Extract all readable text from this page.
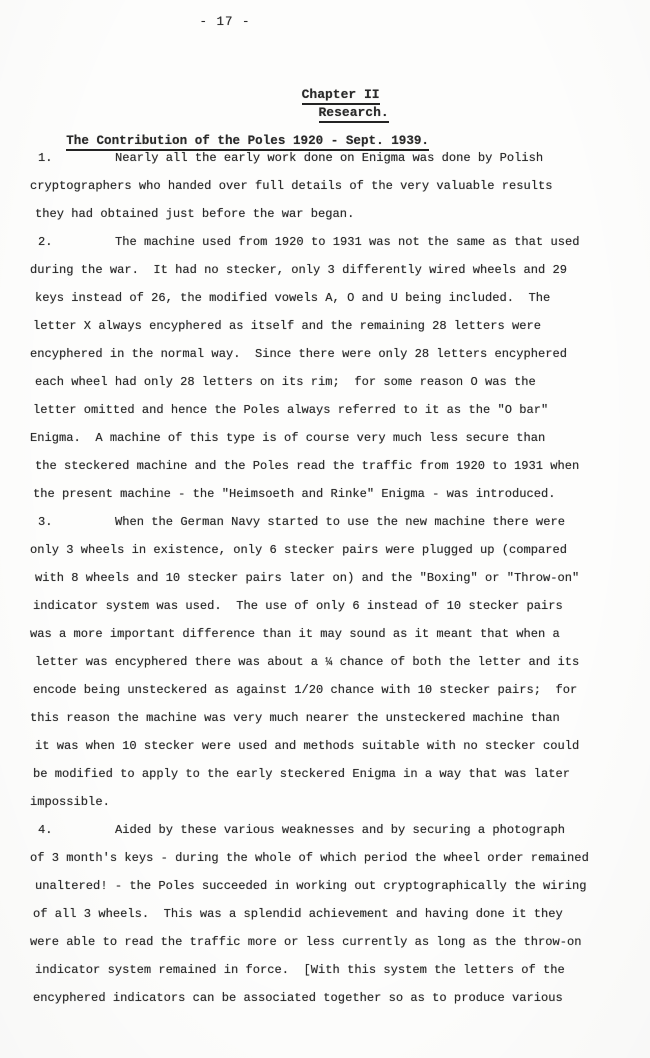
- 17 -

Chapter II
Research.

The Contribution of the Poles 1920 - Sept. 1939.

1.	Nearly all the early work done on Enigma was done by Polish
cryptographers who handed over full details of the very valuable results
they had obtained just before the war began.
2.	The machine used from 1920 to 1931 was not the same as that used
during the war.  It had no stecker, only 3 differently wired wheels and 29
keys instead of 26, the modified vowels A, O and U being included.  The
letter X always encyphered as itself and the remaining 28 letters were
encyphered in the normal way.  Since there were only 28 letters encyphered
each wheel had only 28 letters on its rim;  for some reason O was the
letter omitted and hence the Poles always referred to it as the "O bar"
Enigma.  A machine of this type is of course very much less secure than
the steckered machine and the Poles read the traffic from 1920 to 1931 when
the present machine - the "Heimsoeth and Rinke" Enigma - was introduced.
3.	When the German Navy started to use the new machine there were
only 3 wheels in existence, only 6 stecker pairs were plugged up (compared
with 8 wheels and 10 stecker pairs later on) and the "Boxing" or "Throw-on"
indicator system was used.  The use of only 6 instead of 10 stecker pairs
was a more important difference than it may sound as it meant that when a
letter was encyphered there was about a ¼ chance of both the letter and its
encode being unsteckered as against 1/20 chance with 10 stecker pairs;  for
this reason the machine was very much nearer the unsteckered machine than
it was when 10 stecker were used and methods suitable with no stecker could
be modified to apply to the early steckered Enigma in a way that was later
impossible.
4.	Aided by these various weaknesses and by securing a photograph
of 3 month's keys - during the whole of which period the wheel order remained
unaltered! - the Poles succeeded in working out cryptographically the wiring
of all 3 wheels.  This was a splendid achievement and having done it they
were able to read the traffic more or less currently as long as the throw-on
indicator system remained in force.  [With this system the letters of the
encyphered indicators can be associated together so as to produce various
